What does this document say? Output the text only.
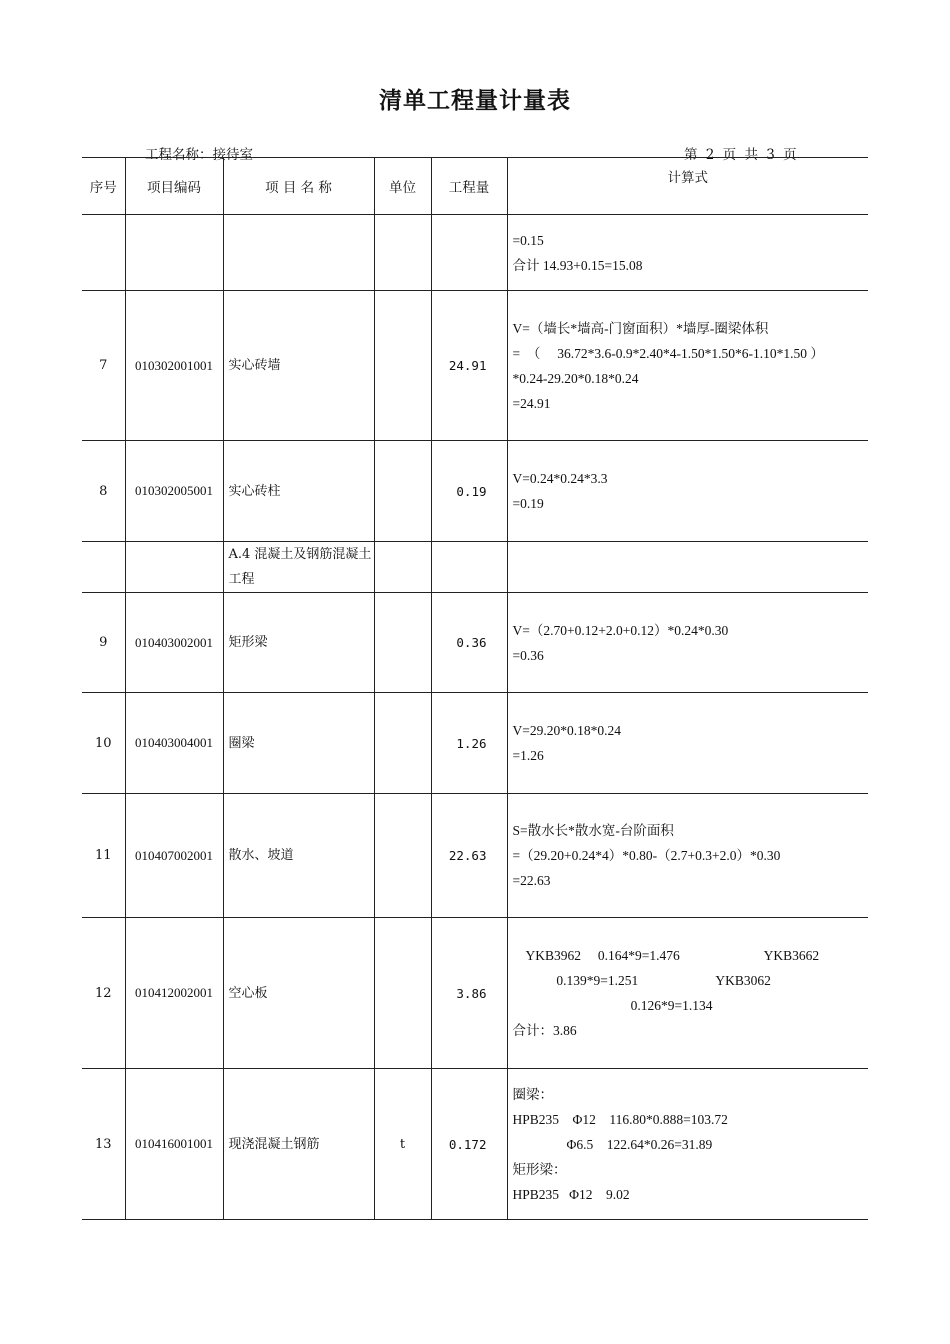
清单工程量计量表
工程名称：接待室	第 2 页 共 3 页
序号	项目编码	项 目 名 称	单位	工程量	计算式

					=0.15
合计 14.93+0.15=15.08

7	010302001001	实心砖墙		24.91	V=（墙长*墙高-门窗面积）*墙厚-圈梁体积
=　（　 36.72*3.6-0.9*2.40*4-1.50*1.50*6-1.10*1.50 ）
*0.24-29.20*0.18*0.24
=24.91

8	010302005001	实心砖柱		0.19	V=0.24*0.24*3.3
=0.19

		A.4 混凝土及钢筋混凝土工程			
9	010403002001	矩形梁		0.36	V=（2.70+0.12+2.0+0.12）*0.24*0.30
=0.36

10	010403004001	圈梁		1.26	V=29.20*0.18*0.24
=1.26

11	010407002001	散水、坡道		22.63	S=散水长*散水宽-台阶面积
=（29.20+0.24*4）*0.80-（2.7+0.3+2.0）*0.30
=22.63

12	010412002001	空心板		3.86	YKB3962     0.164*9=1.476                         YKB3662
0.139*9=1.251                       YKB3062
0.126*9=1.134
合计：3.86

13	010416001001	现浇混凝土钢筋	t	0.172	圈梁：
HPB235    Φ12    116.80*0.888=103.72
Φ6.5    122.64*0.26=31.89
矩形梁：
HPB235   Φ12    9.02
